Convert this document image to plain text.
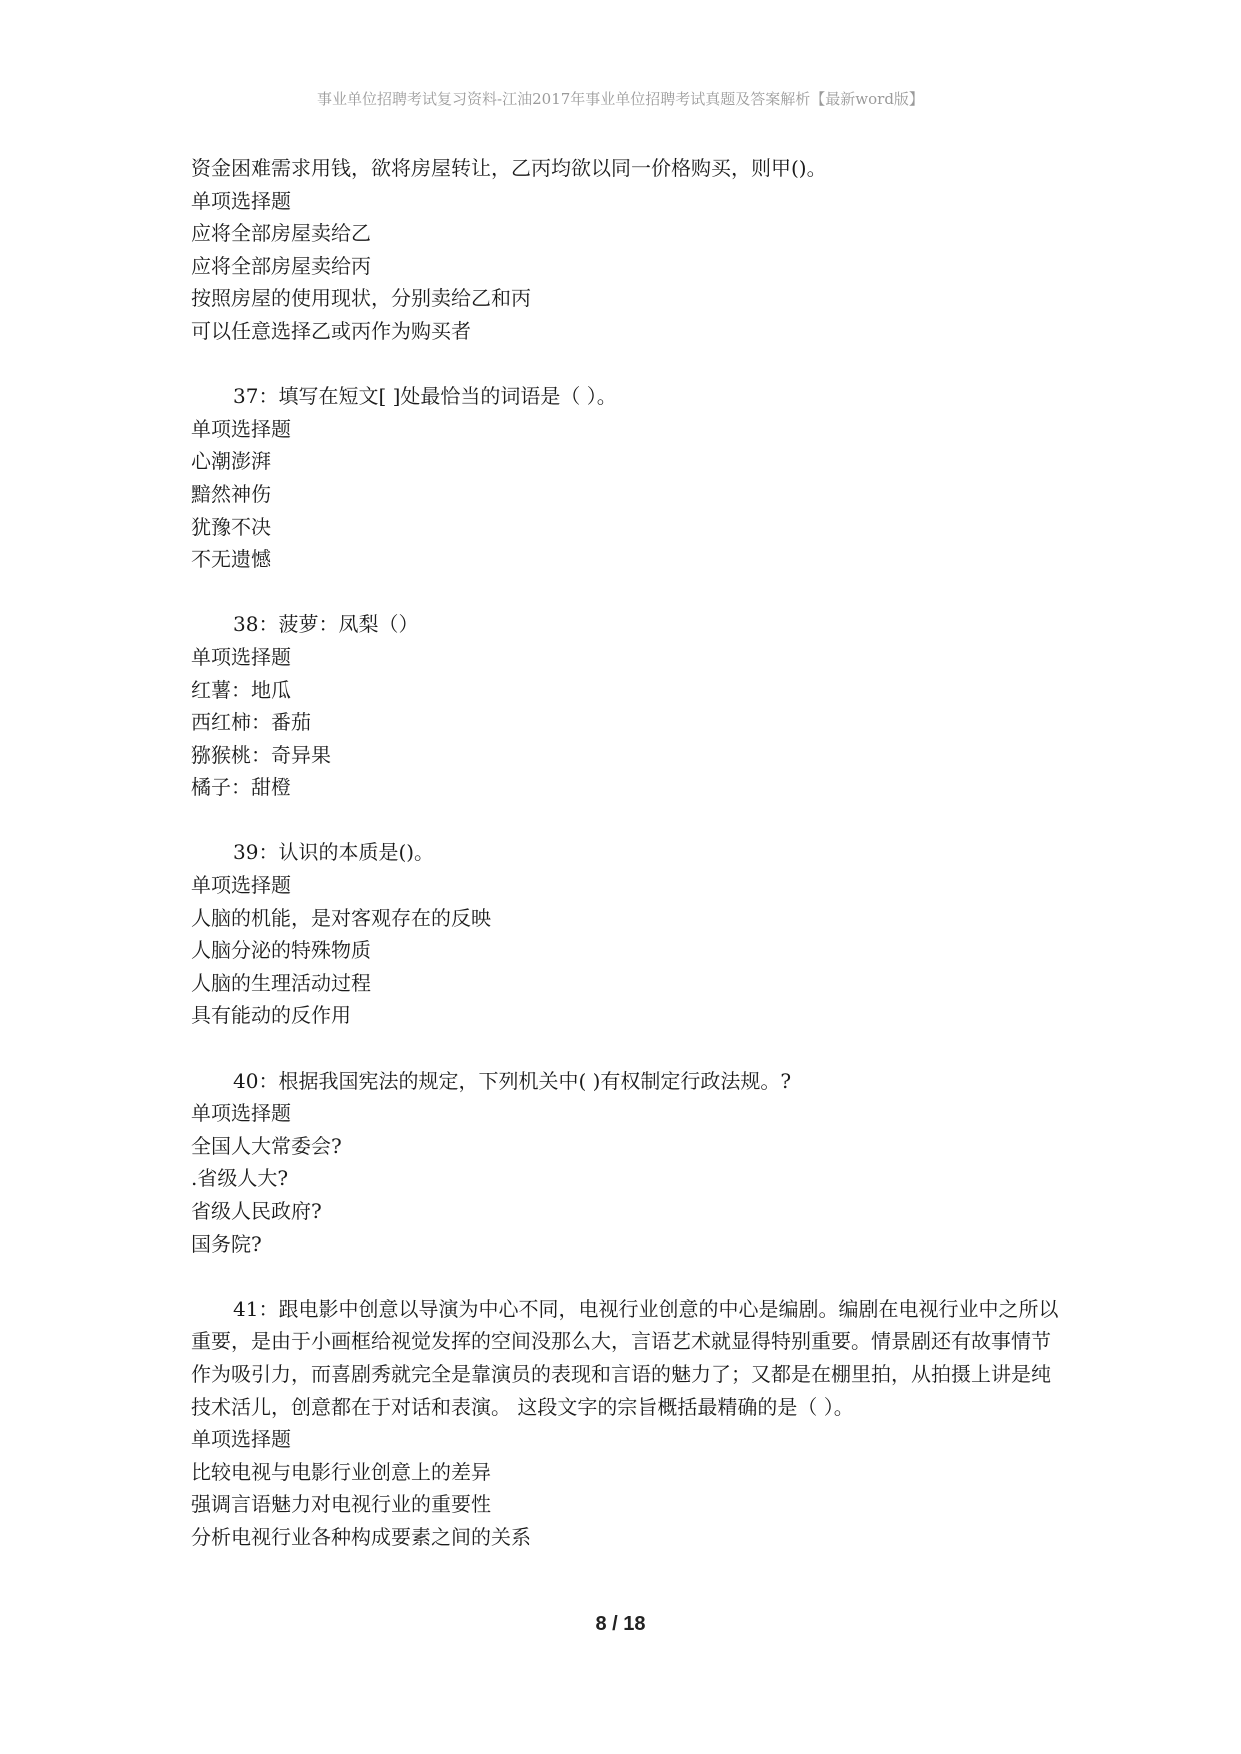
事业单位招聘考试复习资料-江油2017年事业单位招聘考试真题及答案解析【最新word版】
资金困难需求用钱，欲将房屋转让，乙丙均欲以同一价格购买，则甲()。
单项选择题
应将全部房屋卖给乙
应将全部房屋卖给丙
按照房屋的使用现状，分别卖给乙和丙
可以任意选择乙或丙作为购买者
37：填写在短文[ ]处最恰当的词语是（ ）。
单项选择题
心潮澎湃
黯然神伤
犹豫不决
不无遗憾
38：菠萝：凤梨（）
单项选择题
红薯：地瓜
西红柿：番茄
猕猴桃：奇异果
橘子：甜橙
39：认识的本质是()。
单项选择题
人脑的机能，是对客观存在的反映
人脑分泌的特殊物质
人脑的生理活动过程
具有能动的反作用
40：根据我国宪法的规定，下列机关中( )有权制定行政法规。?
单项选择题
全国人大常委会?
.省级人大?
省级人民政府?
国务院?
41：跟电影中创意以导演为中心不同，电视行业创意的中心是编剧。编剧在电视行业中之所以重要，是由于小画框给视觉发挥的空间没那么大，言语艺术就显得特别重要。情景剧还有故事情节作为吸引力，而喜剧秀就完全是靠演员的表现和言语的魅力了；又都是在棚里拍，从拍摄上讲是纯技术活儿，创意都在于对话和表演。 这段文字的宗旨概括最精确的是（ ）。
单项选择题
比较电视与电影行业创意上的差异
强调言语魅力对电视行业的重要性
分析电视行业各种构成要素之间的关系
8 / 18
